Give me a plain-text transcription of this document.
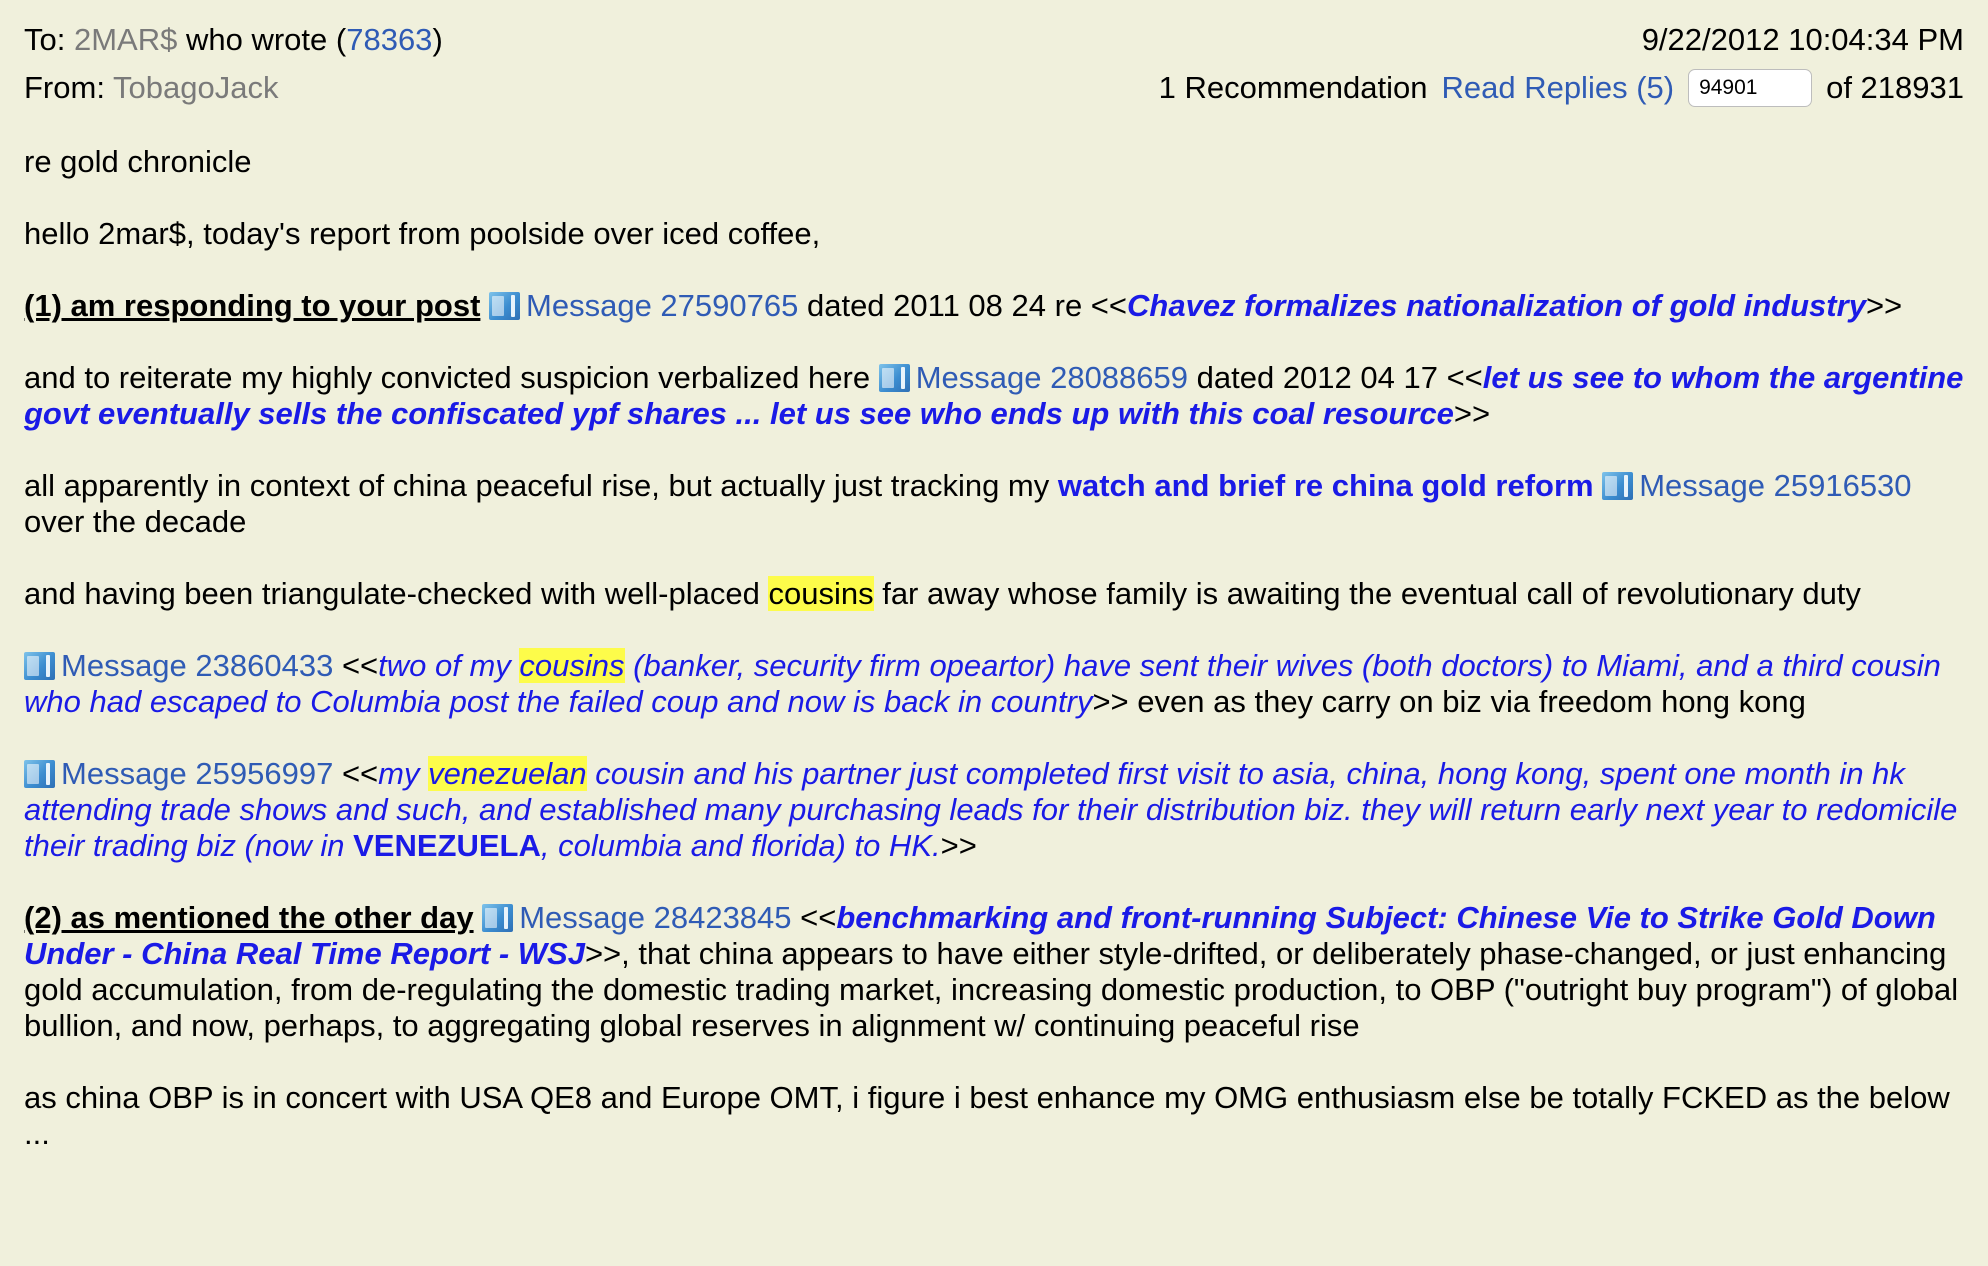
To: 2MAR$ who wrote (78363)	9/22/2012 10:04:34 PM
From: TobagoJack	1 Recommendation Read Replies (5)
94901	of 218931

re gold chronicle

hello 2mar$, today's report from poolside over iced coffee,

(1) am responding to your post Message 27590765 dated 2011 08 24 re <<Chavez formalizes nationalization of gold industry>>

and to reiterate my highly convicted suspicion verbalized here Message 28088659 dated 2012 04 17 <<let us see to whom the argentine govt eventually sells the confiscated ypf shares ... let us see who ends up with this coal resource>>

all apparently in context of china peaceful rise, but actually just tracking my watch and brief re china gold reform Message 25916530 over the decade

and having been triangulate-checked with well-placed cousins far away whose family is awaiting the eventual call of revolutionary duty

Message 23860433 <<two of my cousins (banker, security firm opeartor) have sent their wives (both doctors) to Miami, and a third cousin who had escaped to Columbia post the failed coup and now is back in country>> even as they carry on biz via freedom hong kong

Message 25956997 <<my venezuelan cousin and his partner just completed first visit to asia, china, hong kong, spent one month in hk attending trade shows and such, and established many purchasing leads for their distribution biz. they will return early next year to redomicile their trading biz (now in VENEZUELA, columbia and florida) to HK.>>

(2) as mentioned the other day Message 28423845 <<benchmarking and front-running Subject: Chinese Vie to Strike Gold Down Under - China Real Time Report - WSJ>>, that china appears to have either style-drifted, or deliberately phase-changed, or just enhancing gold accumulation, from de-regulating the domestic trading market, increasing domestic production, to OBP ("outright buy program") of global bullion, and now, perhaps, to aggregating global reserves in alignment w/ continuing peaceful rise

as china OBP is in concert with USA QE8 and Europe OMT, i figure i best enhance my OMG enthusiasm else be totally FCKED as the below ...
